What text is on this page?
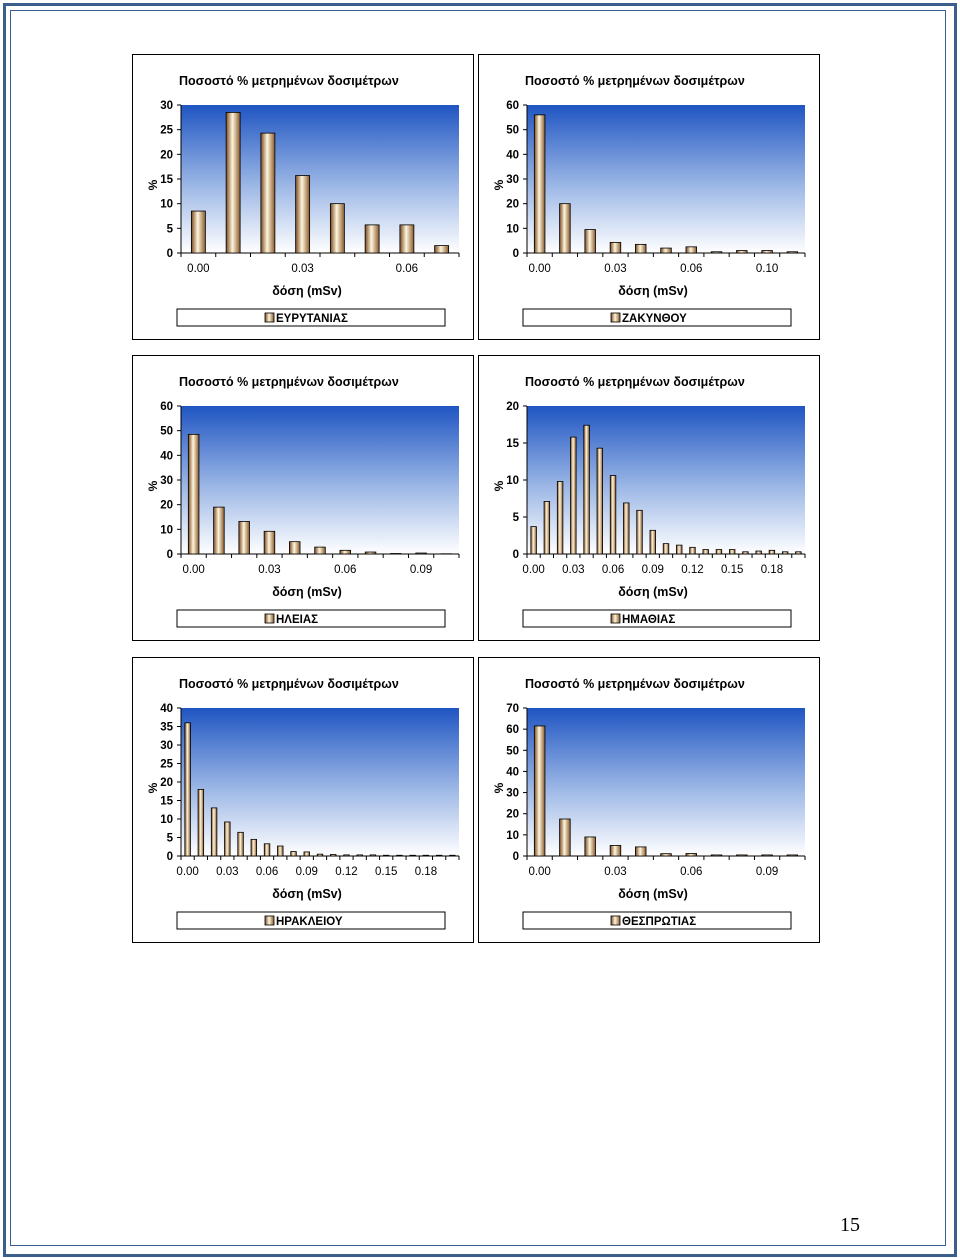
Ποσοστό % μετρημένων δοσιμέτρων
0
5
10
15
20
25
30
%
0.00	0.03	0.06
δόση (mSv)
ΕΥΡΥΤΑΝΙΑΣ
Ποσοστό % μετρημένων δοσιμέτρων
0
10
20
30
40
50
60
%
0.00	0.03	0.06	0.10
δόση (mSv)
ΖΑΚΥΝΘΟΥ
Ποσοστό % μετρημένων δοσιμέτρων
0
10
20
30
40
50
60
%
0.00	0.03	0.06	0.09
δόση (mSv)
ΗΛΕΙΑΣ
Ποσοστό % μετρημένων δοσιμέτρων
0
5
10
15
20
%
0.00 0.03 0.06 0.09 0.12 0.15 0.18
δόση (mSv)
ΗΜΑΘΙΑΣ
Ποσοστό % μετρημένων δοσιμέτρων
0
5
10
15
20
25
30
35
40
%
0.00 0.03 0.06 0.09 0.12 0.15 0.18
δόση (mSv)
ΗΡΑΚΛΕΙΟΥ
Ποσοστό % μετρημένων δοσιμέτρων
0
10
20
30
40
50
60
70
%
0.00	0.03	0.06	0.09
δόση (mSv)
ΘΕΣΠΡΩΤΙΑΣ
15
